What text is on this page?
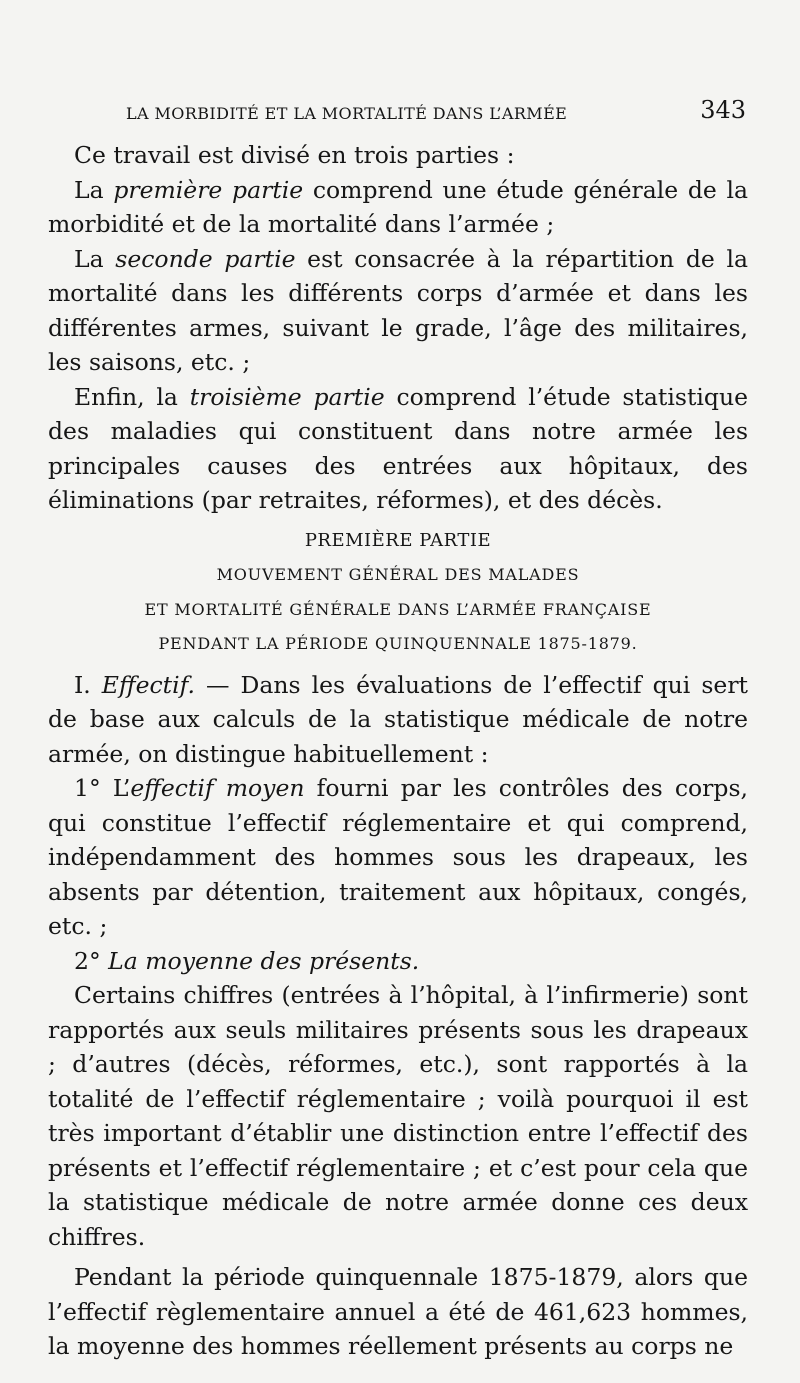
LA MORBIDITÉ ET LA MORTALITÉ DANS L’ARMÉE	343

Ce travail est divisé en trois parties :

La première partie comprend une étude générale de la morbidité et de la mortalité dans l’armée ;

La seconde partie est consacrée à la répartition de la mortalité dans les différents corps d’armée et dans les différentes armes, suivant le grade, l’âge des militaires, les saisons, etc. ;

Enfin, la troisième partie comprend l’étude statistique des maladies qui constituent dans notre armée les principales causes des entrées aux hôpitaux, des éliminations (par retraites, réformes), et des décès.

PREMIÈRE PARTIE

MOUVEMENT GÉNÉRAL DES MALADES

ET MORTALITÉ GÉNÉRALE DANS L’ARMÉE FRANÇAISE

PENDANT LA PÉRIODE QUINQUENNALE 1875-1879.

I. Effectif. — Dans les évaluations de l’effectif qui sert de base aux calculs de la statistique médicale de notre armée, on distingue habituellement :

1° L’effectif moyen fourni par les contrôles des corps, qui constitue l’effectif réglementaire et qui comprend, indépendamment des hommes sous les drapeaux, les absents par détention, traitement aux hôpitaux, congés, etc. ;

2° La moyenne des présents.

Certains chiffres (entrées à l’hôpital, à l’infirmerie) sont rapportés aux seuls militaires présents sous les drapeaux ; d’autres (décès, réformes, etc.), sont rapportés à la totalité de l’effectif réglementaire ; voilà pourquoi il est très important d’établir une distinction entre l’effectif des présents et l’effectif réglementaire ; et c’est pour cela que la statistique médicale de notre armée donne ces deux chiffres.

Pendant la période quinquennale 1875-1879, alors que l’effectif règlementaire annuel a été de 461,623 hommes, la moyenne des hommes réellement présents au corps ne
